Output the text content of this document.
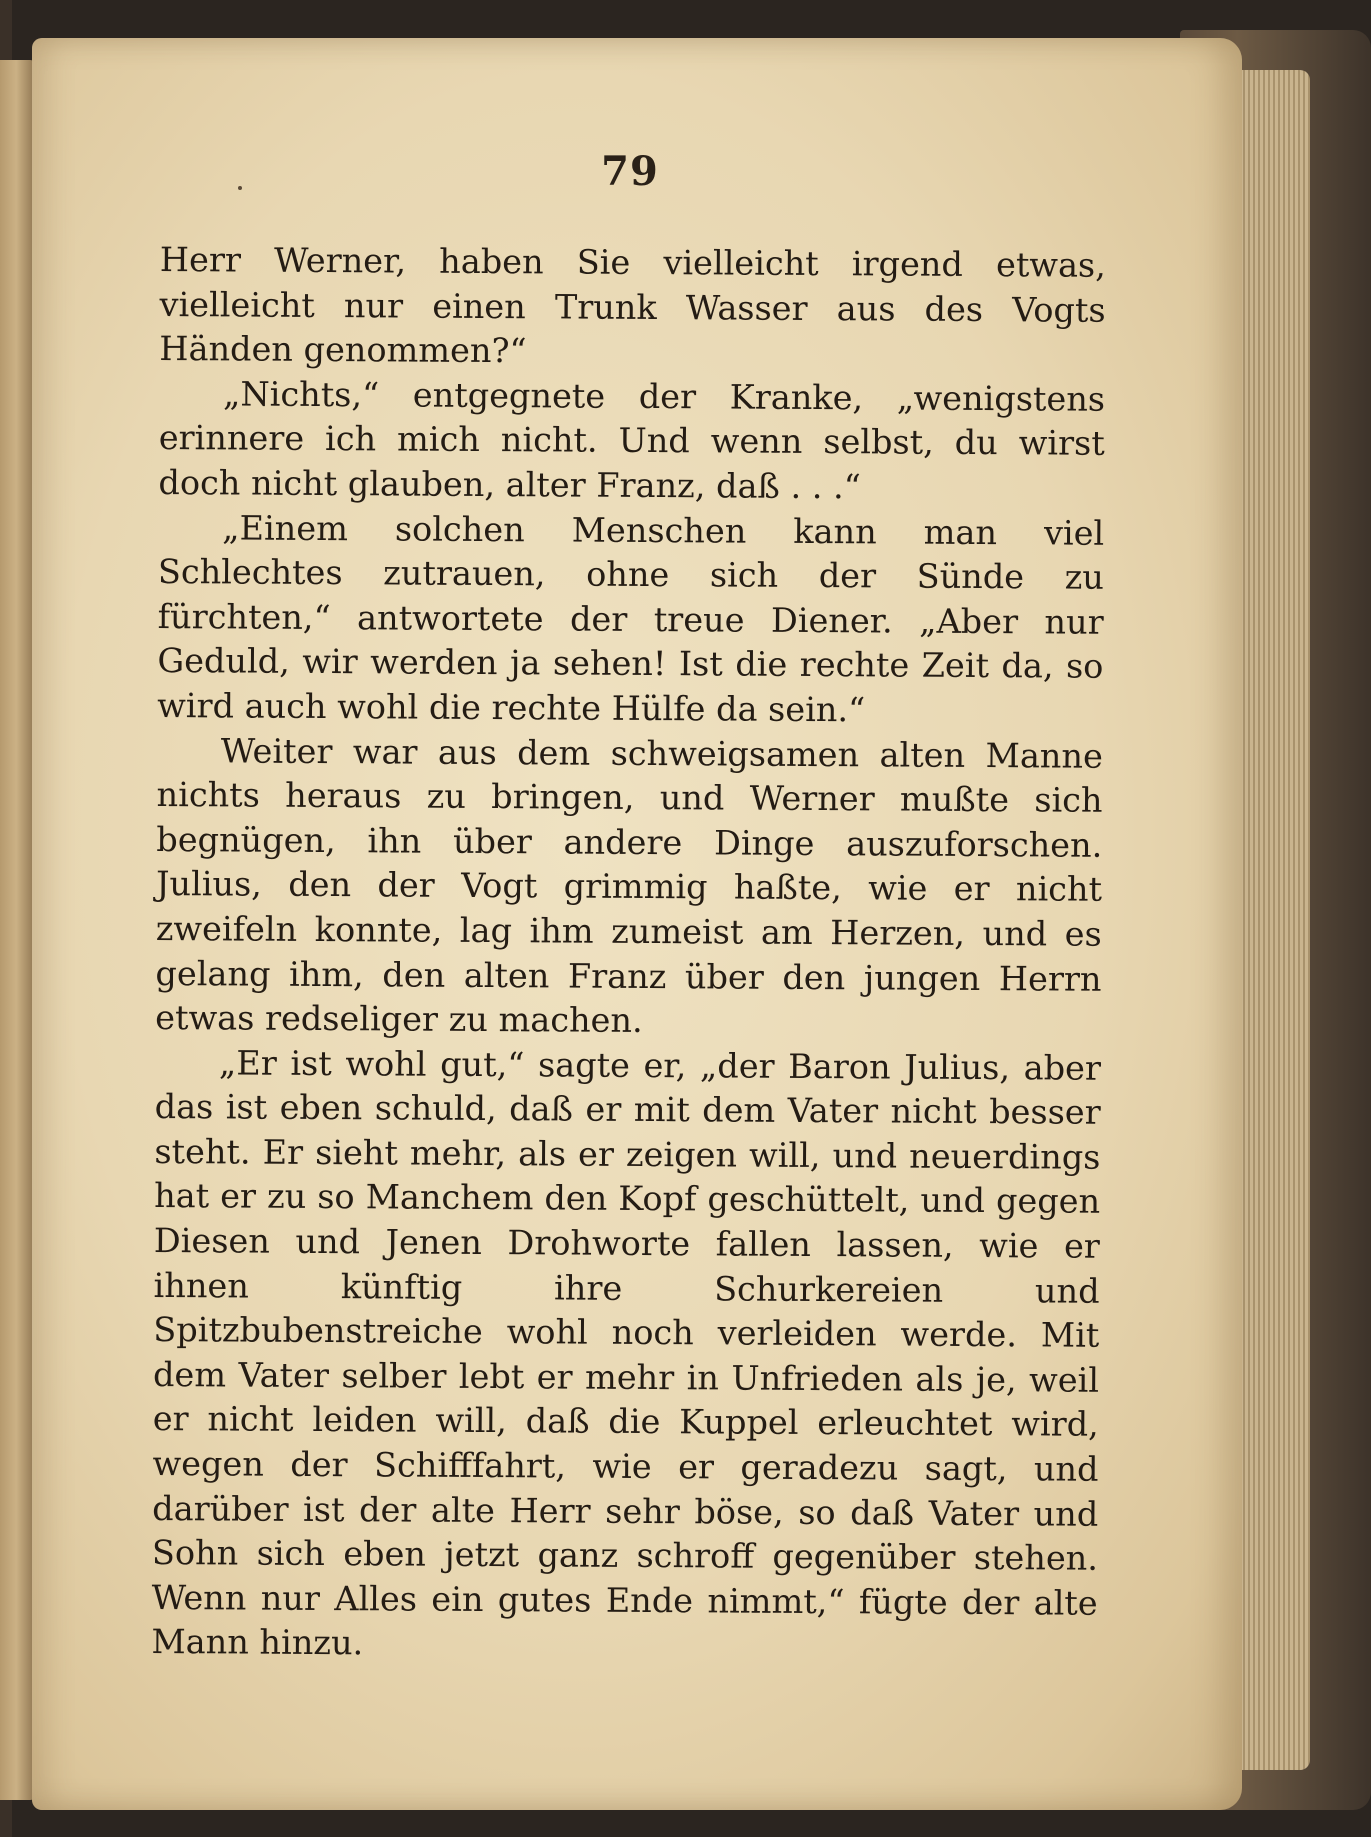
79

Herr Werner, haben Sie vielleicht irgend etwas, vielleicht nur einen Trunk Wasser aus des Vogts Händen genommen?“

„Nichts,“ entgegnete der Kranke, „wenigstens erinnere ich mich nicht. Und wenn selbst, du wirst doch nicht glauben, alter Franz, daß . . .“

„Einem solchen Menschen kann man viel Schlechtes zutrauen, ohne sich der Sünde zu fürchten,“ antwortete der treue Diener. „Aber nur Geduld, wir werden ja sehen! Ist die rechte Zeit da, so wird auch wohl die rechte Hülfe da sein.“

Weiter war aus dem schweigsamen alten Manne nichts heraus zu bringen, und Werner mußte sich begnügen, ihn über andere Dinge auszuforschen. Julius, den der Vogt grimmig haßte, wie er nicht zweifeln konnte, lag ihm zumeist am Herzen, und es gelang ihm, den alten Franz über den jungen Herrn etwas redseliger zu machen.

„Er ist wohl gut,“ sagte er, „der Baron Julius, aber das ist eben schuld, daß er mit dem Vater nicht besser steht. Er sieht mehr, als er zeigen will, und neuerdings hat er zu so Manchem den Kopf geschüttelt, und gegen Diesen und Jenen Drohworte fallen lassen, wie er ihnen künftig ihre Schurkereien und Spitzbubenstreiche wohl noch verleiden werde. Mit dem Vater selber lebt er mehr in Unfrieden als je, weil er nicht leiden will, daß die Kuppel erleuchtet wird, wegen der Schifffahrt, wie er geradezu sagt, und darüber ist der alte Herr sehr böse, so daß Vater und Sohn sich eben jetzt ganz schroff gegenüber stehen. Wenn nur Alles ein gutes Ende nimmt,“ fügte der alte Mann hinzu.
